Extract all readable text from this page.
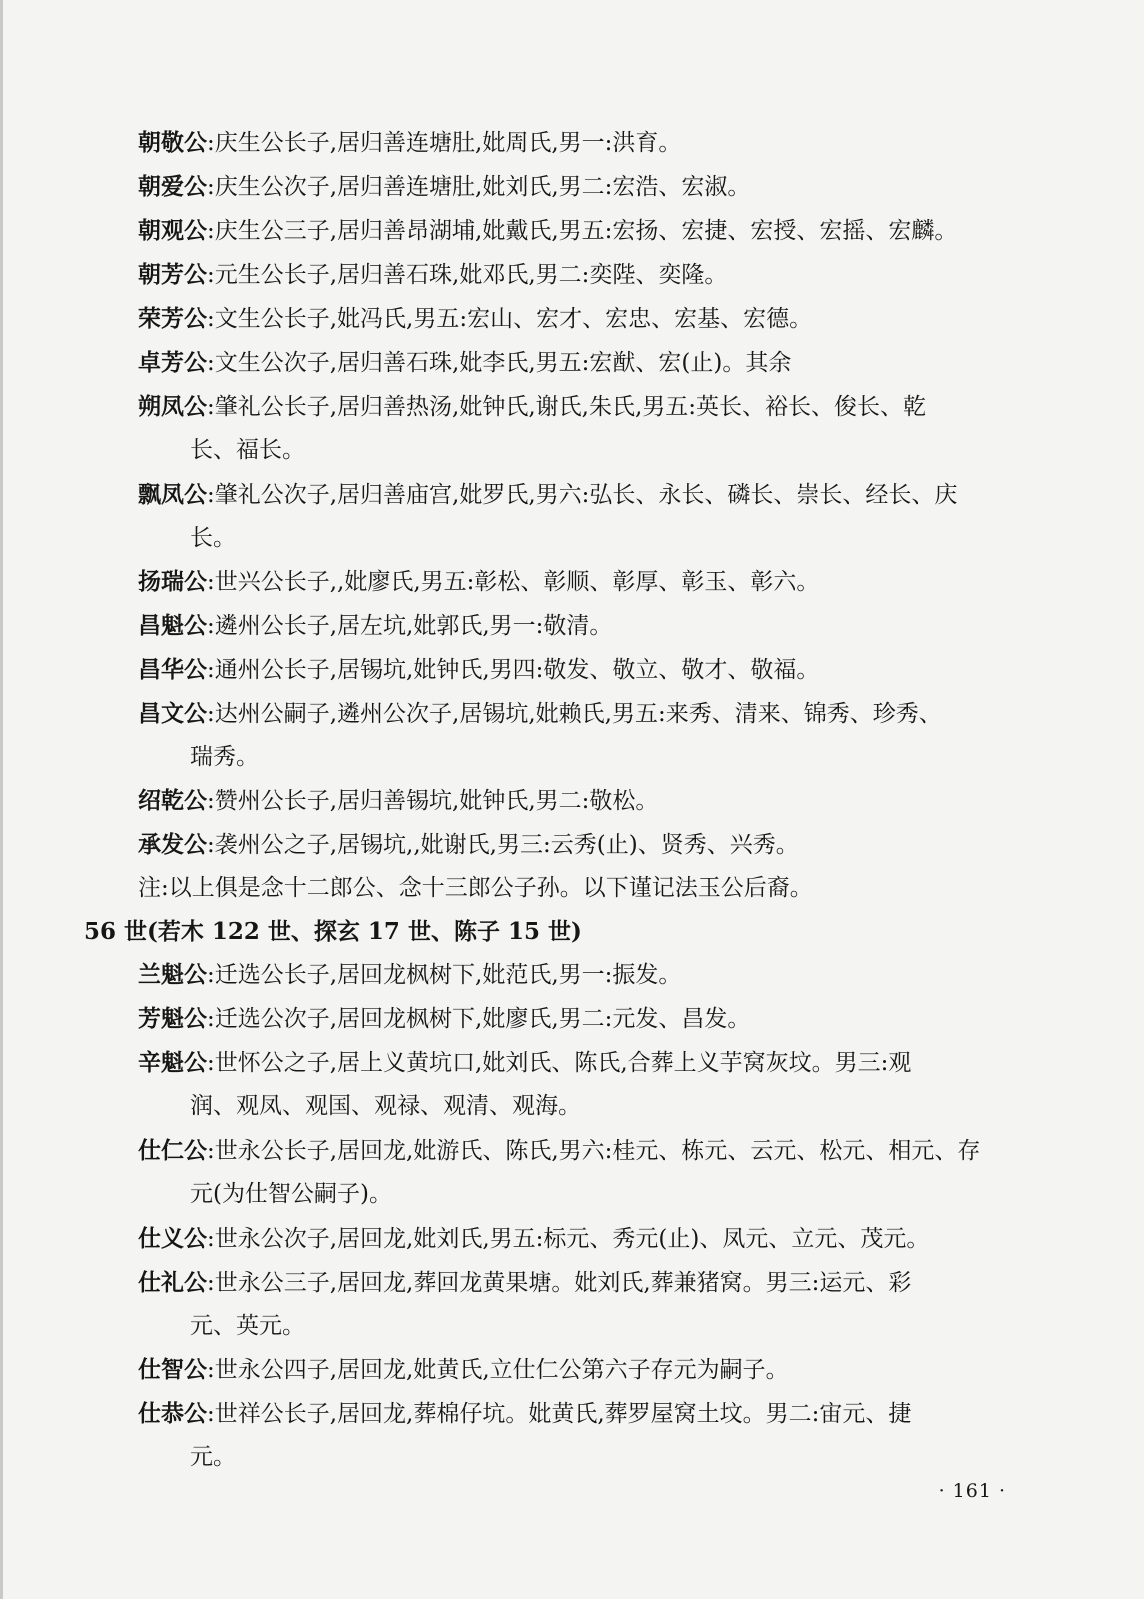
朝敬公:庆生公长子,居归善连塘肚,妣周氏,男一:洪育。
朝爱公:庆生公次子,居归善连塘肚,妣刘氏,男二:宏浩、宏淑。
朝观公:庆生公三子,居归善昂湖埔,妣戴氏,男五:宏扬、宏捷、宏授、宏摇、宏麟。
朝芳公:元生公长子,居归善石珠,妣邓氏,男二:奕陛、奕隆。
荣芳公:文生公长子,妣冯氏,男五:宏山、宏才、宏忠、宏基、宏德。
卓芳公:文生公次子,居归善石珠,妣李氏,男五:宏猷、宏(止)。其余
朔凤公:肇礼公长子,居归善热汤,妣钟氏,谢氏,朱氏,男五:英长、裕长、俊长、乾
长、福长。
飘凤公:肇礼公次子,居归善庙宫,妣罗氏,男六:弘长、永长、磷长、崇长、经长、庆
长。
扬瑞公:世兴公长子,,妣廖氏,男五:彰松、彰顺、彰厚、彰玉、彰六。
昌魁公:遴州公长子,居左坑,妣郭氏,男一:敬清。
昌华公:通州公长子,居锡坑,妣钟氏,男四:敬发、敬立、敬才、敬福。
昌文公:达州公嗣子,遴州公次子,居锡坑,妣赖氏,男五:来秀、清来、锦秀、珍秀、
瑞秀。
绍乾公:赞州公长子,居归善锡坑,妣钟氏,男二:敬松。
承发公:袭州公之子,居锡坑,,妣谢氏,男三:云秀(止)、贤秀、兴秀。
注:以上俱是念十二郎公、念十三郎公子孙。以下谨记法玉公后裔。
56 世(若木 122 世、探玄 17 世、陈子 15 世)
兰魁公:迁选公长子,居回龙枫树下,妣范氏,男一:振发。
芳魁公:迁选公次子,居回龙枫树下,妣廖氏,男二:元发、昌发。
辛魁公:世怀公之子,居上义黄坑口,妣刘氏、陈氏,合葬上义芋窝灰坟。男三:观
润、观凤、观国、观禄、观清、观海。
仕仁公:世永公长子,居回龙,妣游氏、陈氏,男六:桂元、栋元、云元、松元、相元、存
元(为仕智公嗣子)。
仕义公:世永公次子,居回龙,妣刘氏,男五:标元、秀元(止)、凤元、立元、茂元。
仕礼公:世永公三子,居回龙,葬回龙黄果塘。妣刘氏,葬兼猪窝。男三:运元、彩
元、英元。
仕智公:世永公四子,居回龙,妣黄氏,立仕仁公第六子存元为嗣子。
仕恭公:世祥公长子,居回龙,葬棉仔坑。妣黄氏,葬罗屋窝土坟。男二:宙元、捷
元。
· 161 ·
